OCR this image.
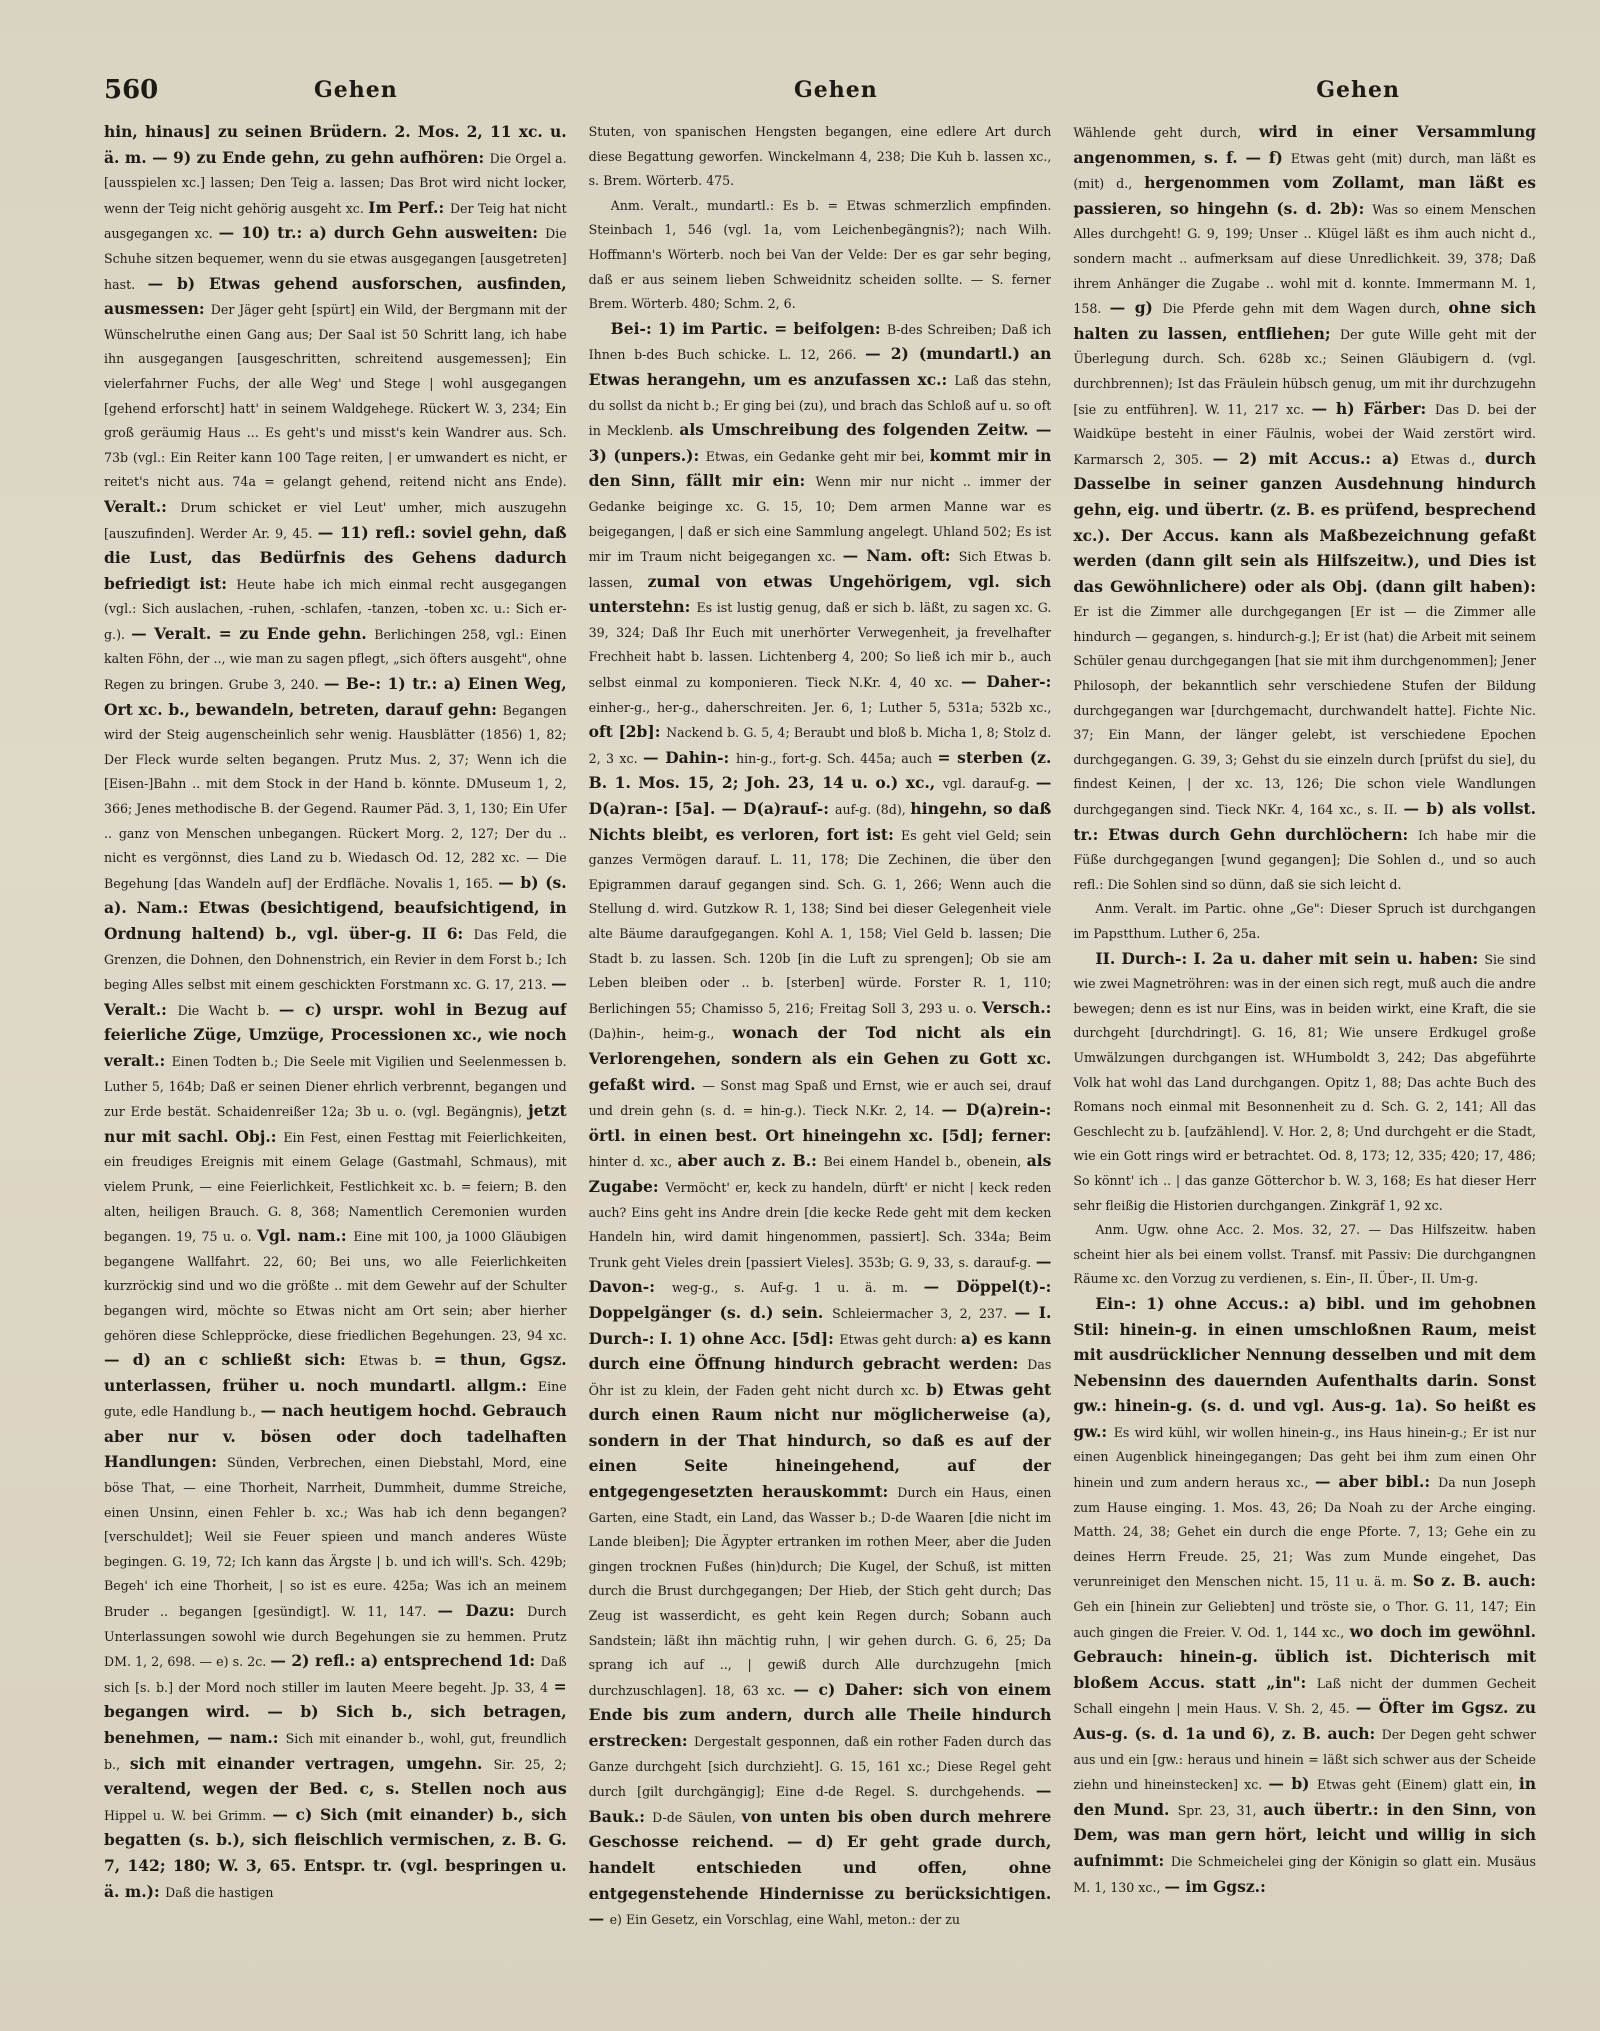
560	Gehen	Gehen	Gehen

hin, hinaus] zu seinen Brüdern. 2. Mos. 2, 11 xc. u. ä. m. — 9) zu Ende gehn, zu gehn aufhören: Die Orgel a. [ausspielen xc.] lassen; Den Teig a. lassen; Das Brot wird nicht locker, wenn der Teig nicht gehörig ausgeht xc. Im Perf.: Der Teig hat nicht ausgegangen xc. — 10) tr.: a) durch Gehn ausweiten: Die Schuhe sitzen bequemer, wenn du sie etwas ausgegangen [ausgetreten] hast. — b) Etwas gehend ausforschen, ausfinden, ausmessen: Der Jäger geht [spürt] ein Wild, der Bergmann mit der Wünschelruthe einen Gang aus; Der Saal ist 50 Schritt lang, ich habe ihn ausgegangen [ausgeschritten, schreitend ausgemessen]; Ein vielerfahrner Fuchs, der alle Weg' und Stege | wohl ausgegangen [gehend erforscht] hatt' in seinem Waldgehege. Rückert W. 3, 234; Ein groß geräumig Haus ... Es geht's und misst's kein Wandrer aus. Sch. 73b (vgl.: Ein Reiter kann 100 Tage reiten, | er umwandert es nicht, er reitet's nicht aus. 74a = gelangt gehend, reitend nicht ans Ende). Veralt.: Drum schicket er viel Leut' umher, mich auszugehn [auszufinden]. Werder Ar. 9, 45. — 11) refl.: soviel gehn, daß die Lust, das Bedürfnis des Gehens dadurch befriedigt ist: Heute habe ich mich einmal recht ausgegangen (vgl.: Sich auslachen, -ruhen, -schlafen, -tanzen, -toben xc. u.: Sich er-g.). — Veralt. = zu Ende gehn. Berlichingen 258, vgl.: Einen kalten Föhn, der .., wie man zu sagen pflegt, „sich öfters ausgeht", ohne Regen zu bringen. Grube 3, 240. — Be-: 1) tr.: a) Einen Weg, Ort xc. b., bewandeln, betreten, darauf gehn: Begangen wird der Steig augenscheinlich sehr wenig. Hausblätter (1856) 1, 82; Der Fleck wurde selten begangen. Prutz Mus. 2, 37; Wenn ich die [Eisen-]Bahn .. mit dem Stock in der Hand b. könnte. DMuseum 1, 2, 366; Jenes methodische B. der Gegend. Raumer Päd. 3, 1, 130; Ein Ufer .. ganz von Menschen unbegangen. Rückert Morg. 2, 127; Der du .. nicht es vergönnst, dies Land zu b. Wiedasch Od. 12, 282 xc. — Die Begehung [das Wandeln auf] der Erdfläche. Novalis 1, 165. — b) (s. a). Nam.: Etwas (besichtigend, beaufsichtigend, in Ordnung haltend) b., vgl. über-g. II 6: Das Feld, die Grenzen, die Dohnen, den Dohnenstrich, ein Revier in dem Forst b.; Ich beging Alles selbst mit einem geschickten Forstmann xc. G. 17, 213. — Veralt.: Die Wacht b. — c) urspr. wohl in Bezug auf feierliche Züge, Umzüge, Processionen xc., wie noch veralt.: Einen Todten b.; Die Seele mit Vigilien und Seelenmessen b. Luther 5, 164b; Daß er seinen Diener ehrlich verbrennt, begangen und zur Erde bestät. Schaidenreißer 12a; 3b u. o. (vgl. Begängnis), jetzt nur mit sachl. Obj.: Ein Fest, einen Festtag mit Feierlichkeiten, ein freudiges Ereignis mit einem Gelage (Gastmahl, Schmaus), mit vielem Prunk, — eine Feierlichkeit, Festlichkeit xc. b. = feiern; B. den alten, heiligen Brauch. G. 8, 368; Namentlich Ceremonien wurden begangen. 19, 75 u. o. Vgl. nam.: Eine mit 100, ja 1000 Gläubigen begangene Wallfahrt. 22, 60; Bei uns, wo alle Feierlichkeiten kurzröckig sind und wo die größte .. mit dem Gewehr auf der Schulter begangen wird, möchte so Etwas nicht am Ort sein; aber hierher gehören diese Schleppröcke, diese friedlichen Begehungen. 23, 94 xc. — d) an c schließt sich: Etwas b. = thun, Ggsz. unterlassen, früher u. noch mundartl. allgm.: Eine gute, edle Handlung b., — nach heutigem hochd. Gebrauch aber nur v. bösen oder doch tadelhaften Handlungen: Sünden, Verbrechen, einen Diebstahl, Mord, eine böse That, — eine Thorheit, Narrheit, Dummheit, dumme Streiche, einen Unsinn, einen Fehler b. xc.; Was hab ich denn begangen? [verschuldet]; Weil sie Feuer spieen und manch anderes Wüste begingen. G. 19, 72; Ich kann das Ärgste | b. und ich will's. Sch. 429b; Begeh' ich eine Thorheit, | so ist es eure. 425a; Was ich an meinem Bruder .. begangen [gesündigt]. W. 11, 147. — Dazu: Durch Unterlassungen sowohl wie durch Begehungen sie zu hemmen. Prutz DM. 1, 2, 698. — e) s. 2c. — 2) refl.: a) entsprechend 1d: Daß sich [s. b.] der Mord noch stiller im lauten Meere begeht. Jp. 33, 4 = begangen wird. — b) Sich b., sich betragen, benehmen, — nam.: Sich mit einander b., wohl, gut, freundlich b., sich mit einander vertragen, umgehn. Sir. 25, 2; veraltend, wegen der Bed. c, s. Stellen noch aus Hippel u. W. bei Grimm. — c) Sich (mit einander) b., sich begatten (s. b.), sich fleischlich vermischen, z. B. G. 7, 142; 180; W. 3, 65. Entspr. tr. (vgl. bespringen u. ä. m.): Daß die hastigen

Stuten, von spanischen Hengsten begangen, eine edlere Art durch diese Begattung geworfen. Winckelmann 4, 238; Die Kuh b. lassen xc., s. Brem. Wörterb. 475.

Anm. Veralt., mundartl.: Es b. = Etwas schmerzlich empfinden. Steinbach 1, 546 (vgl. 1a, vom Leichenbegängnis?); nach Wilh. Hoffmann's Wörterb. noch bei Van der Velde: Der es gar sehr beging, daß er aus seinem lieben Schweidnitz scheiden sollte. — S. ferner Brem. Wörterb. 480; Schm. 2, 6.

Bei-: 1) im Partic. = beifolgen: B-des Schreiben; Daß ich Ihnen b-des Buch schicke. L. 12, 266. — 2) (mundartl.) an Etwas herangehn, um es anzufassen xc.: Laß das stehn, du sollst da nicht b.; Er ging bei (zu), und brach das Schloß auf u. so oft in Mecklenb. als Umschreibung des folgenden Zeitw. — 3) (unpers.): Etwas, ein Gedanke geht mir bei, kommt mir in den Sinn, fällt mir ein: Wenn mir nur nicht .. immer der Gedanke beiginge xc. G. 15, 10; Dem armen Manne war es beigegangen, | daß er sich eine Sammlung angelegt. Uhland 502; Es ist mir im Traum nicht beigegangen xc. — Nam. oft: Sich Etwas b. lassen, zumal von etwas Ungehörigem, vgl. sich unterstehn: Es ist lustig genug, daß er sich b. läßt, zu sagen xc. G. 39, 324; Daß Ihr Euch mit unerhörter Verwegenheit, ja frevelhafter Frechheit habt b. lassen. Lichtenberg 4, 200; So ließ ich mir b., auch selbst einmal zu komponieren. Tieck N.Kr. 4, 40 xc. — Daher-: einher-g., her-g., daherschreiten. Jer. 6, 1; Luther 5, 531a; 532b xc., oft [2b]: Nackend b. G. 5, 4; Beraubt und bloß b. Micha 1, 8; Stolz d. 2, 3 xc. — Dahin-: hin-g., fort-g. Sch. 445a; auch = sterben (z. B. 1. Mos. 15, 2; Joh. 23, 14 u. o.) xc., vgl. darauf-g. — D(a)ran-: [5a]. — D(a)rauf-: auf-g. (8d), hingehn, so daß Nichts bleibt, es verloren, fort ist: Es geht viel Geld; sein ganzes Vermögen darauf. L. 11, 178; Die Zechinen, die über den Epigrammen darauf gegangen sind. Sch. G. 1, 266; Wenn auch die Stellung d. wird. Gutzkow R. 1, 138; Sind bei dieser Gelegenheit viele alte Bäume daraufgegangen. Kohl A. 1, 158; Viel Geld b. lassen; Die Stadt b. zu lassen. Sch. 120b [in die Luft zu sprengen]; Ob sie am Leben bleiben oder .. b. [sterben] würde. Forster R. 1, 110; Berlichingen 55; Chamisso 5, 216; Freitag Soll 3, 293 u. o. Versch.: (Da)hin-, heim-g., wonach der Tod nicht als ein Verlorengehen, sondern als ein Gehen zu Gott xc. gefaßt wird. — Sonst mag Spaß und Ernst, wie er auch sei, drauf und drein gehn (s. d. = hin-g.). Tieck N.Kr. 2, 14. — D(a)rein-: örtl. in einen best. Ort hineingehn xc. [5d]; ferner: hinter d. xc., aber auch z. B.: Bei einem Handel b., obenein, als Zugabe: Vermöcht' er, keck zu handeln, dürft' er nicht | keck reden auch? Eins geht ins Andre drein [die kecke Rede geht mit dem kecken Handeln hin, wird damit hingenommen, passiert]. Sch. 334a; Beim Trunk geht Vieles drein [passiert Vieles]. 353b; G. 9, 33, s. darauf-g. — Davon-: weg-g., s. Auf-g. 1 u. ä. m. — Döppel(t)-: Doppelgänger (s. d.) sein. Schleiermacher 3, 2, 237. — I. Durch-: I. 1) ohne Acc. [5d]: Etwas geht durch: a) es kann durch eine Öffnung hindurch gebracht werden: Das Öhr ist zu klein, der Faden geht nicht durch xc. b) Etwas geht durch einen Raum nicht nur möglicherweise (a), sondern in der That hindurch, so daß es auf der einen Seite hineingehend, auf der entgegengesetzten herauskommt: Durch ein Haus, einen Garten, eine Stadt, ein Land, das Wasser b.; D-de Waaren [die nicht im Lande bleiben]; Die Ägypter ertranken im rothen Meer, aber die Juden gingen trocknen Fußes (hin)durch; Die Kugel, der Schuß, ist mitten durch die Brust durchgegangen; Der Hieb, der Stich geht durch; Das Zeug ist wasserdicht, es geht kein Regen durch; Sobann auch Sandstein; läßt ihn mächtig ruhn, | wir gehen durch. G. 6, 25; Da sprang ich auf .., | gewiß durch Alle durchzugehn [mich durchzuschlagen]. 18, 63 xc. — c) Daher: sich von einem Ende bis zum andern, durch alle Theile hindurch erstrecken: Dergestalt gesponnen, daß ein rother Faden durch das Ganze durchgeht [sich durchzieht]. G. 15, 161 xc.; Diese Regel geht durch [gilt durchgängig]; Eine d-de Regel. S. durchgehends. — Bauk.: D-de Säulen, von unten bis oben durch mehrere Geschosse reichend. — d) Er geht grade durch, handelt entschieden und offen, ohne entgegenstehende Hindernisse zu berücksichtigen. — e) Ein Gesetz, ein Vorschlag, eine Wahl, meton.: der zu

Wählende geht durch, wird in einer Versammlung angenommen, s. f. — f) Etwas geht (mit) durch, man läßt es (mit) d., hergenommen vom Zollamt, man läßt es passieren, so hingehn (s. d. 2b): Was so einem Menschen Alles durchgeht! G. 9, 199; Unser .. Klügel läßt es ihm auch nicht d., sondern macht .. aufmerksam auf diese Unredlichkeit. 39, 378; Daß ihrem Anhänger die Zugabe .. wohl mit d. konnte. Immermann M. 1, 158. — g) Die Pferde gehn mit dem Wagen durch, ohne sich halten zu lassen, entfliehen; Der gute Wille geht mit der Überlegung durch. Sch. 628b xc.; Seinen Gläubigern d. (vgl. durchbrennen); Ist das Fräulein hübsch genug, um mit ihr durchzugehn [sie zu entführen]. W. 11, 217 xc. — h) Färber: Das D. bei der Waidküpe besteht in einer Fäulnis, wobei der Waid zerstört wird. Karmarsch 2, 305. — 2) mit Accus.: a) Etwas d., durch Dasselbe in seiner ganzen Ausdehnung hindurch gehn, eig. und übertr. (z. B. es prüfend, besprechend xc.). Der Accus. kann als Maßbezeichnung gefaßt werden (dann gilt sein als Hilfszeitw.), und Dies ist das Gewöhnlichere) oder als Obj. (dann gilt haben): Er ist die Zimmer alle durchgegangen [Er ist — die Zimmer alle hindurch — gegangen, s. hindurch-g.]; Er ist (hat) die Arbeit mit seinem Schüler genau durchgegangen [hat sie mit ihm durchgenommen]; Jener Philosoph, der bekanntlich sehr verschiedene Stufen der Bildung durchgegangen war [durchgemacht, durchwandelt hatte]. Fichte Nic. 37; Ein Mann, der länger gelebt, ist verschiedene Epochen durchgegangen. G. 39, 3; Gehst du sie einzeln durch [prüfst du sie], du findest Keinen, | der xc. 13, 126; Die schon viele Wandlungen durchgegangen sind. Tieck NKr. 4, 164 xc., s. II. — b) als vollst. tr.: Etwas durch Gehn durchlöchern: Ich habe mir die Füße durchgegangen [wund gegangen]; Die Sohlen d., und so auch refl.: Die Sohlen sind so dünn, daß sie sich leicht d.

Anm. Veralt. im Partic. ohne „Ge": Dieser Spruch ist durchgangen im Papstthum. Luther 6, 25a.

II. Durch-: I. 2a u. daher mit sein u. haben: Sie sind wie zwei Magnetröhren: was in der einen sich regt, muß auch die andre bewegen; denn es ist nur Eins, was in beiden wirkt, eine Kraft, die sie durchgeht [durchdringt]. G. 16, 81; Wie unsere Erdkugel große Umwälzungen durchgangen ist. WHumboldt 3, 242; Das abgeführte Volk hat wohl das Land durchgangen. Opitz 1, 88; Das achte Buch des Romans noch einmal mit Besonnenheit zu d. Sch. G. 2, 141; All das Geschlecht zu b. [aufzählend]. V. Hor. 2, 8; Und durchgeht er die Stadt, wie ein Gott rings wird er betrachtet. Od. 8, 173; 12, 335; 420; 17, 486; So könnt' ich .. | das ganze Götterchor b. W. 3, 168; Es hat dieser Herr sehr fleißig die Historien durchgangen. Zinkgräf 1, 92 xc.

Anm. Ugw. ohne Acc. 2. Mos. 32, 27. — Das Hilfszeitw. haben scheint hier als bei einem vollst. Transf. mit Passiv: Die durchgangnen Räume xc. den Vorzug zu verdienen, s. Ein-, II. Über-, II. Um-g.

Ein-: 1) ohne Accus.: a) bibl. und im gehobnen Stil: hinein-g. in einen umschloßnen Raum, meist mit ausdrücklicher Nennung desselben und mit dem Nebensinn des dauernden Aufenthalts darin. Sonst gw.: hinein-g. (s. d. und vgl. Aus-g. 1a). So heißt es gw.: Es wird kühl, wir wollen hinein-g., ins Haus hinein-g.; Er ist nur einen Augenblick hineingegangen; Das geht bei ihm zum einen Ohr hinein und zum andern heraus xc., — aber bibl.: Da nun Joseph zum Hause einging. 1. Mos. 43, 26; Da Noah zu der Arche einging. Matth. 24, 38; Gehet ein durch die enge Pforte. 7, 13; Gehe ein zu deines Herrn Freude. 25, 21; Was zum Munde eingehet, Das verunreiniget den Menschen nicht. 15, 11 u. ä. m. So z. B. auch: Geh ein [hinein zur Geliebten] und tröste sie, o Thor. G. 11, 147; Ein auch gingen die Freier. V. Od. 1, 144 xc., wo doch im gewöhnl. Gebrauch: hinein-g. üblich ist. Dichterisch mit bloßem Accus. statt „in": Laß nicht der dummen Gecheit Schall eingehn | mein Haus. V. Sh. 2, 45. — Öfter im Ggsz. zu Aus-g. (s. d. 1a und 6), z. B. auch: Der Degen geht schwer aus und ein [gw.: heraus und hinein = läßt sich schwer aus der Scheide ziehn und hineinstecken] xc. — b) Etwas geht (Einem) glatt ein, in den Mund. Spr. 23, 31, auch übertr.: in den Sinn, von Dem, was man gern hört, leicht und willig in sich aufnimmt: Die Schmeichelei ging der Königin so glatt ein. Musäus M. 1, 130 xc., — im Ggsz.:
